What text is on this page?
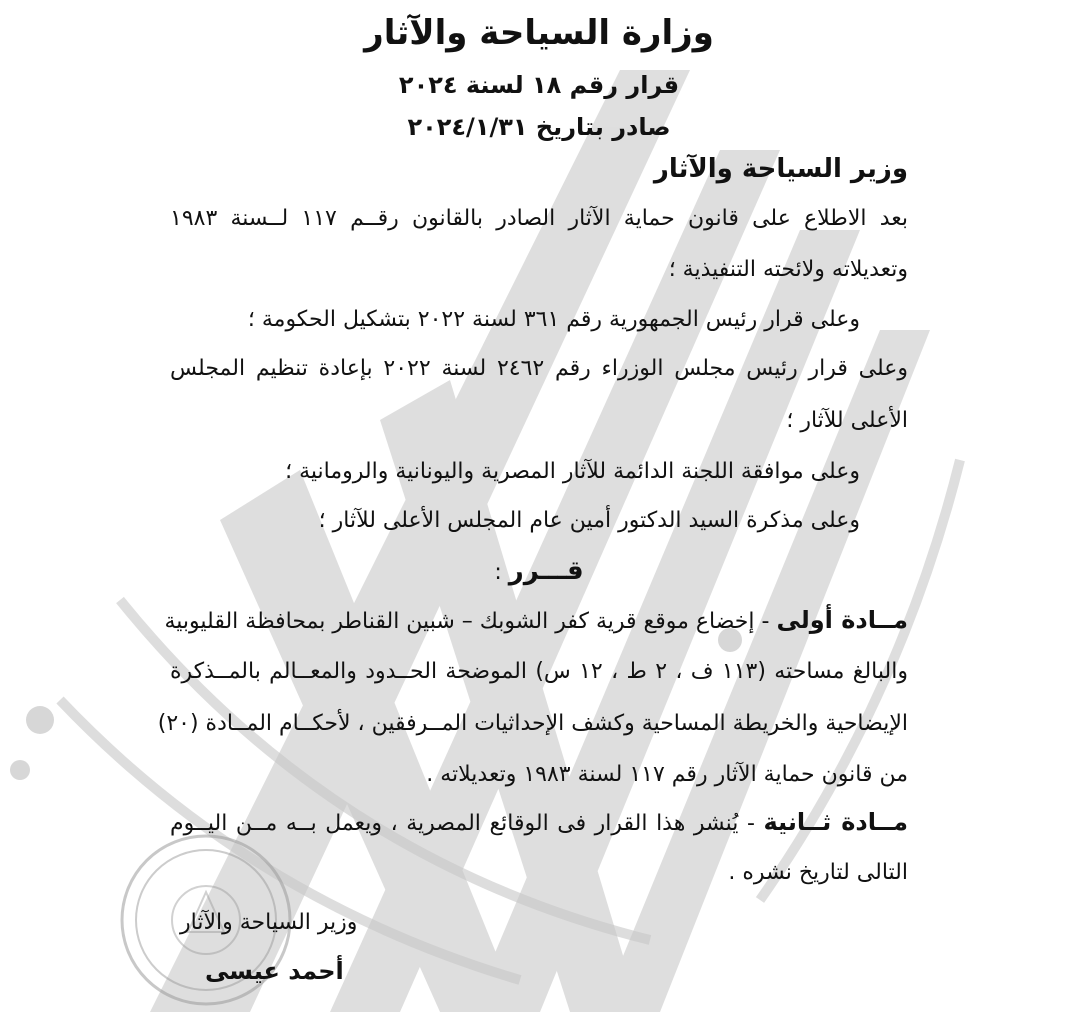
وزارة السياحة والآثار
قرار رقم ١٨ لسنة ٢٠٢٤
صادر بتاريخ ٢٠٢٤/١/٣١
وزير السياحة والآثار
بعد الاطلاع على قانون حماية الآثار الصادر بالقانون رقــم ١١٧ لــسنة ١٩٨٣
وتعديلاته ولائحته التنفيذية ؛
وعلى قرار رئيس الجمهورية رقم ٣٦١ لسنة ٢٠٢٢ بتشكيل الحكومة ؛
وعلى قرار رئيس مجلس الوزراء رقم ٢٤٦٢ لسنة ٢٠٢٢ بإعادة تنظيم المجلس
الأعلى للآثار ؛
وعلى موافقة اللجنة الدائمة للآثار المصرية واليونانية والرومانية ؛
وعلى مذكرة السيد الدكتور أمين عام المجلس الأعلى للآثار ؛
قـــرر :
مــادة أولى - إخضاع موقع قرية كفر الشوبك – شبين القناطر بمحافظة القليوبية
والبالغ مساحته (١١٣ ف ، ٢ ط ، ١٢ س) الموضحة الحــدود والمعــالم بالمــذكرة
الإيضاحية والخريطة المساحية وكشف الإحداثيات المــرفقين ، لأحكــام المــادة (٢٠)
من قانون حماية الآثار رقم ١١٧ لسنة ١٩٨٣ وتعديلاته .
مــادة ثــانية - يُنشر هذا القرار فى الوقائع المصرية ، ويعمل بــه مــن اليــوم
التالى لتاريخ نشره .
وزير السياحة والآثار
أحمد عيسى
